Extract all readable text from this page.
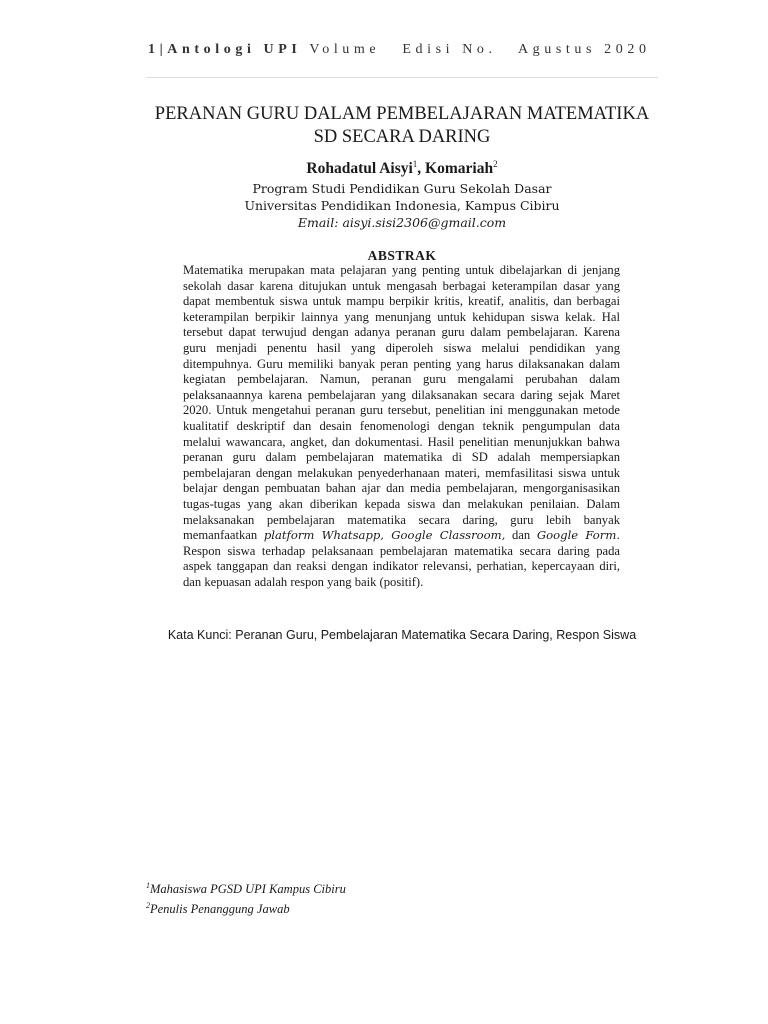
1|Antologi UPI Volume Edisi No. Agustus 2020
PERANAN GURU DALAM PEMBELAJARAN MATEMATIKA SD SECARA DARING
Rohadatul Aisyi$^1$, Komariah$^2$
Program Studi Pendidikan Guru Sekolah Dasar
Universitas Pendidikan Indonesia, Kampus Cibiru
Email: aisyi.sisi2306@gmail.com
ABSTRAK

Matematika merupakan mata pelajaran yang penting untuk dibelajarkan di jenjang sekolah dasar karena ditujukan untuk mengasah berbagai keterampilan dasar yang dapat membentuk siswa untuk mampu berpikir kritis, kreatif, analitis, dan berbagai keterampilan berpikir lainnya yang menunjang untuk kehidupan siswa kelak. Hal tersebut dapat terwujud dengan adanya peranan guru dalam pembelajaran. Karena guru menjadi penentu hasil yang diperoleh siswa melalui pendidikan yang ditempuhnya. Guru memiliki banyak peran penting yang harus dilaksanakan dalam kegiatan pembelajaran. Namun, peranan guru mengalami perubahan dalam pelaksanaannya karena pembelajaran yang dilaksanakan secara daring sejak Maret 2020. Untuk mengetahui peranan guru tersebut, penelitian ini menggunakan metode kualitatif deskriptif dan desain fenomenologi dengan teknik pengumpulan data melalui wawancara, angket, dan dokumentasi. Hasil penelitian menunjukkan bahwa peranan guru dalam pembelajaran matematika di SD adalah mempersiapkan pembelajaran dengan melakukan penyederhanaan materi, memfasilitasi siswa untuk belajar dengan pembuatan bahan ajar dan media pembelajaran, mengorganisasikan tugas-tugas yang akan diberikan kepada siswa dan melakukan penilaian. Dalam melaksanakan pembelajaran matematika secara daring, guru lebih banyak memanfaatkan platform Whatsapp, Google Classroom, dan Google Form. Respon siswa terhadap pelaksanaan pembelajaran matematika secara daring pada aspek tanggapan dan reaksi dengan indikator relevansi, perhatian, kepercayaan diri, dan kepuasan adalah respon yang baik (positif).

Kata Kunci: Peranan Guru, Pembelajaran Matematika Secara Daring, Respon Siswa
$^1$Mahasiswa PGSD UPI Kampus Cibiru
$^2$Penulis Penanggung Jawab
